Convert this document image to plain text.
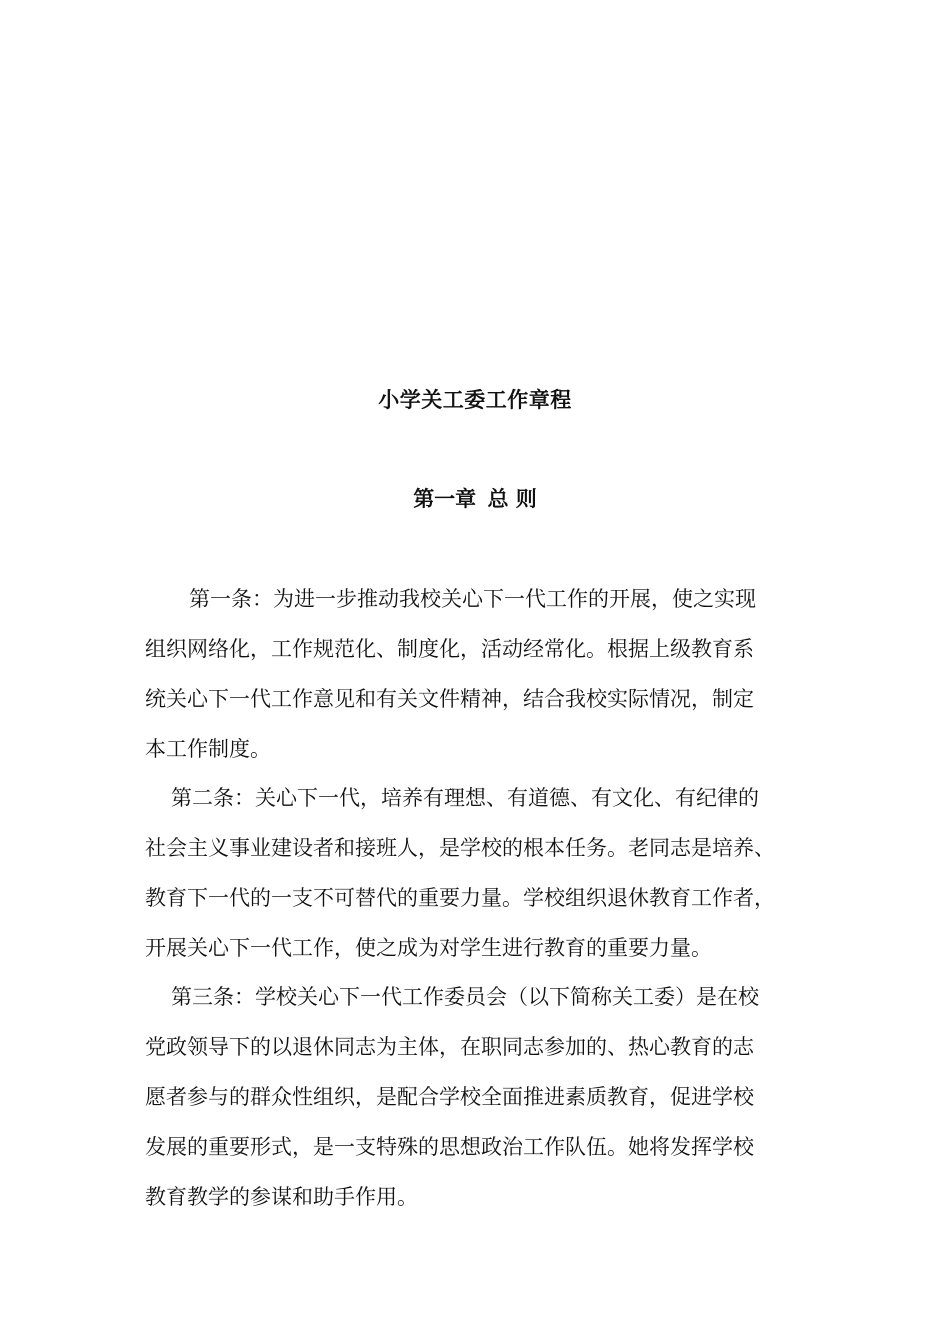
小学关工委工作章程
第一章 总 则
第一条：为进一步推动我校关心下一代工作的开展，使之实现
组织网络化，工作规范化、制度化，活动经常化。根据上级教育系
统关心下一代工作意见和有关文件精神，结合我校实际情况，制定
本工作制度。
第二条：关心下一代，培养有理想、有道德、有文化、有纪律的
社会主义事业建设者和接班人，是学校的根本任务。老同志是培养、
教育下一代的一支不可替代的重要力量。学校组织退休教育工作者，
开展关心下一代工作，使之成为对学生进行教育的重要力量。
第三条：学校关心下一代工作委员会（以下简称关工委）是在校
党政领导下的以退休同志为主体，在职同志参加的、热心教育的志
愿者参与的群众性组织，是配合学校全面推进素质教育，促进学校
发展的重要形式，是一支特殊的思想政治工作队伍。她将发挥学校
教育教学的参谋和助手作用。
